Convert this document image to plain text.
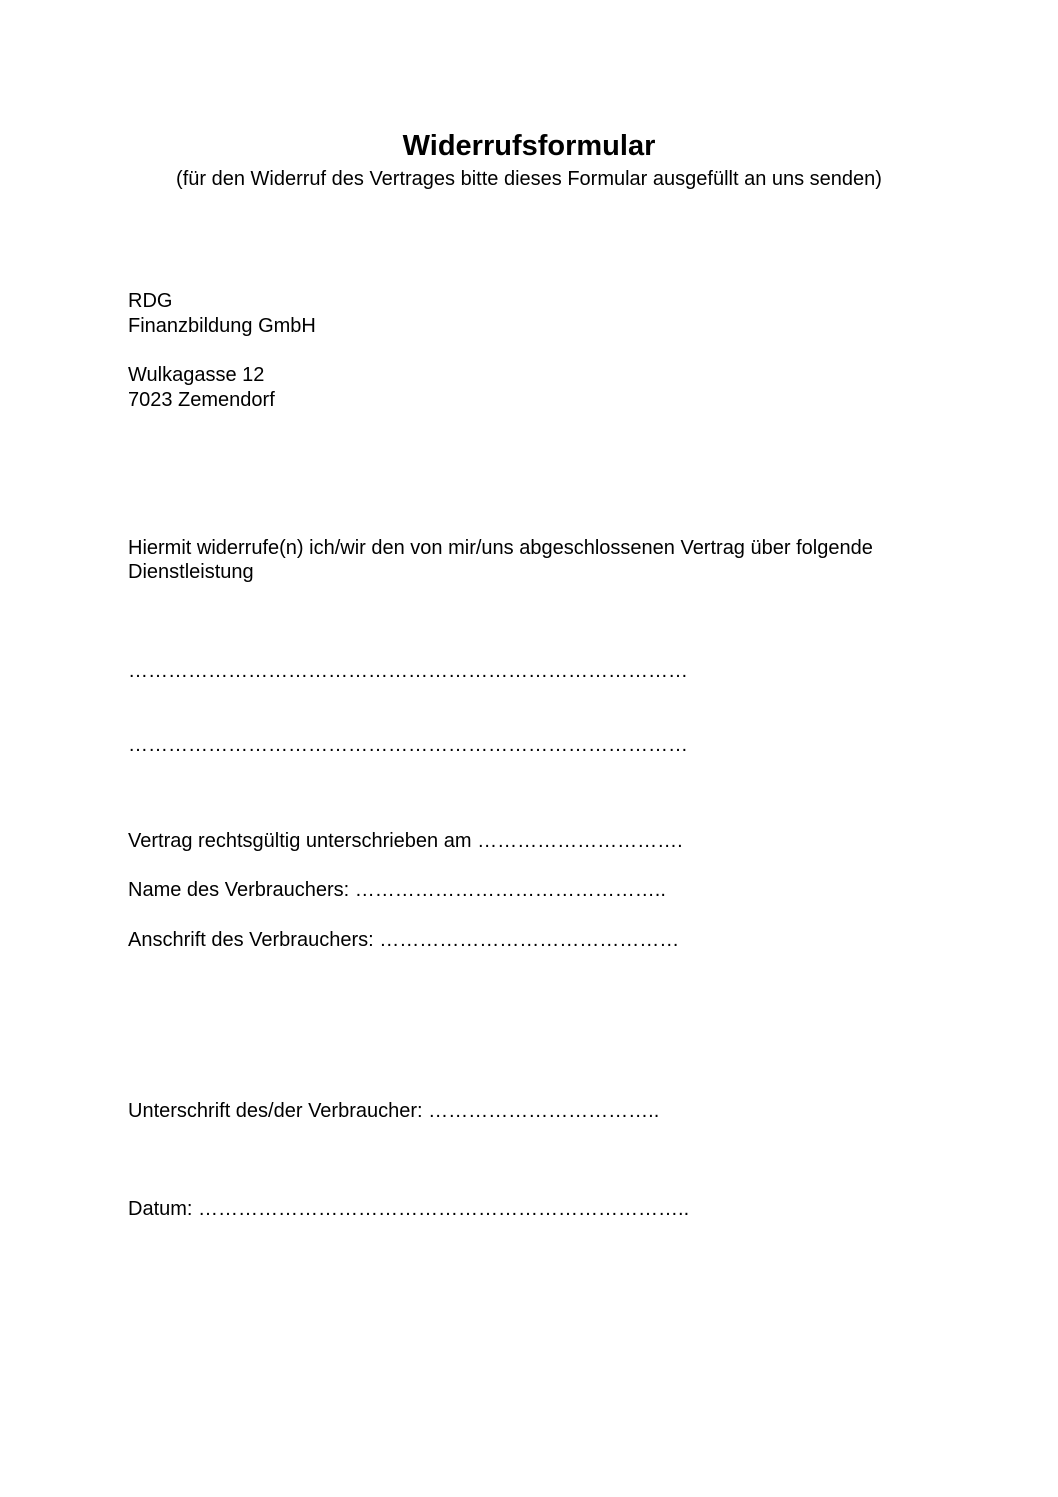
Widerrufsformular
(für den Widerruf des Vertrages bitte dieses Formular ausgefüllt an uns senden)
RDG
Finanzbildung GmbH
Wulkagasse 12
7023 Zemendorf
Hiermit widerrufe(n) ich/wir den von mir/uns abgeschlossenen Vertrag über folgende
Dienstleistung
…………………………………………………………………………
…………………………………………………………………………
Vertrag rechtsgültig unterschrieben am ………………………….
Name des Verbrauchers: ………………………………………..
Anschrift des Verbrauchers: ………………………………………
Unterschrift des/der Verbraucher: ……………………………..
Datum: ………………………………………………………………..
